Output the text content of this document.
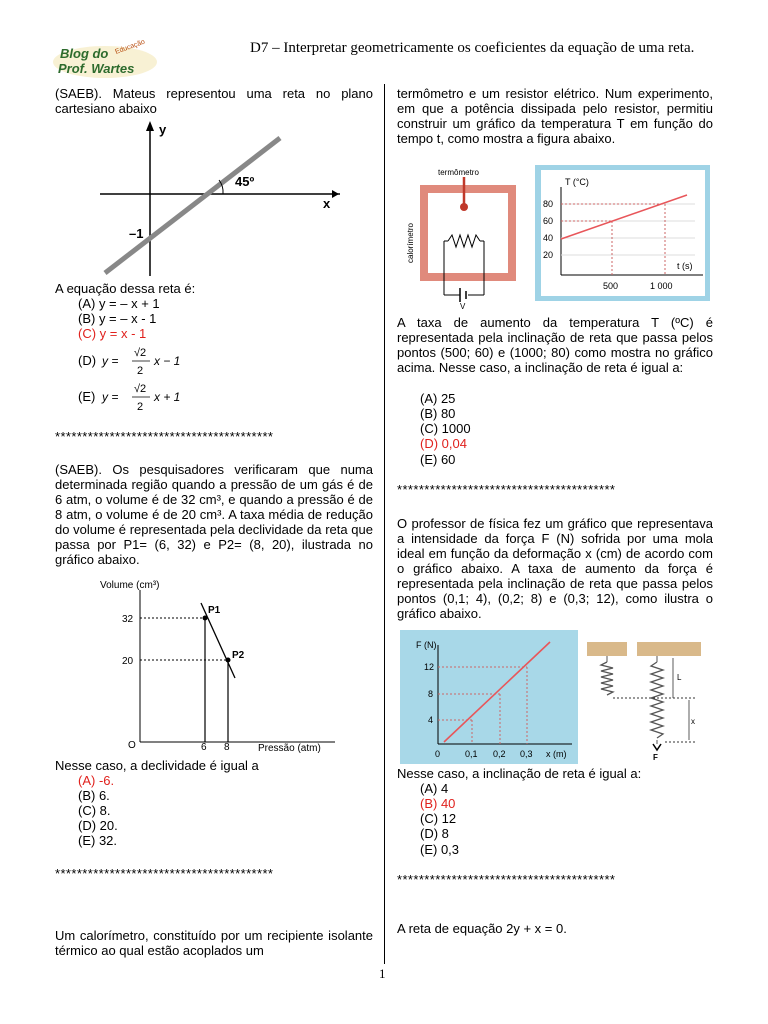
Blog do
Prof. Wartes
Educação	D7 – Interpretar geometricamente os coeficientes da equação de uma reta.
1
(SAEB). Mateus representou uma reta no plano cartesiano abaixo
y
x
45º
–1
A equação dessa reta é:
(A) y = – x + 1
(B) y = – x - 1
(C) y = x - 1
(D) y =
√2
2
x − 1
(E) y =
√2
2
x + 1
****************************************
(SAEB). Os pesquisadores verificaram que numa determinada região quando a pressão de um gás é de 6 atm, o volume é de 32 cm³, e quando a pressão é de 8 atm, o volume é de 20 cm³. A taxa média de redução do volume é representada pela declividade da reta que passa por P1= (6, 32) e P2= (8, 20), ilustrada no gráfico abaixo.
Volume (cm³)
Pressão (atm)
O
32
20
6 8
P1
P2
Nesse caso, a declividade é igual a
(A) -6.
(B) 6.
(C) 8.
(D) 20.
(E) 32.
****************************************
Um calorímetro, constituído por um recipiente isolante térmico ao qual estão acoplados um
termômetro e um resistor elétrico. Num experimento, em que a potência dissipada pelo resistor, permitiu construir um gráfico da temperatura T em função do tempo t, como mostra a figura abaixo.
termômetro
calorímetro
V
T (°C)
t (s)
20
40
60
80
500	1 000
A taxa de aumento da temperatura T (ºC) é representada pela inclinação de reta que passa pelos pontos (500; 60) e (1000; 80) como mostra no gráfico acima. Nesse caso, a inclinação de reta é igual a:
(A) 25
(B) 80
(C) 1000
(D) 0,04
(E) 60
****************************************
O professor de física fez um gráfico que representava a intensidade da força F (N) sofrida por uma mola ideal em função da deformação x (cm) de acordo com o gráfico abaixo. A taxa de aumento da força é representada pela inclinação de reta que passa pelos pontos (0,1; 4), (0,2; 8) e (0,3; 12), como ilustra o gráfico abaixo.
F (N)
x (m)
4
8
12
0	0,1 0,2 0,3
L
x
F
Nesse caso, a inclinação de reta é igual a:
(A) 4
(B) 40
(C) 12
(D) 8
(E) 0,3
****************************************
A reta de equação 2y + x = 0.
